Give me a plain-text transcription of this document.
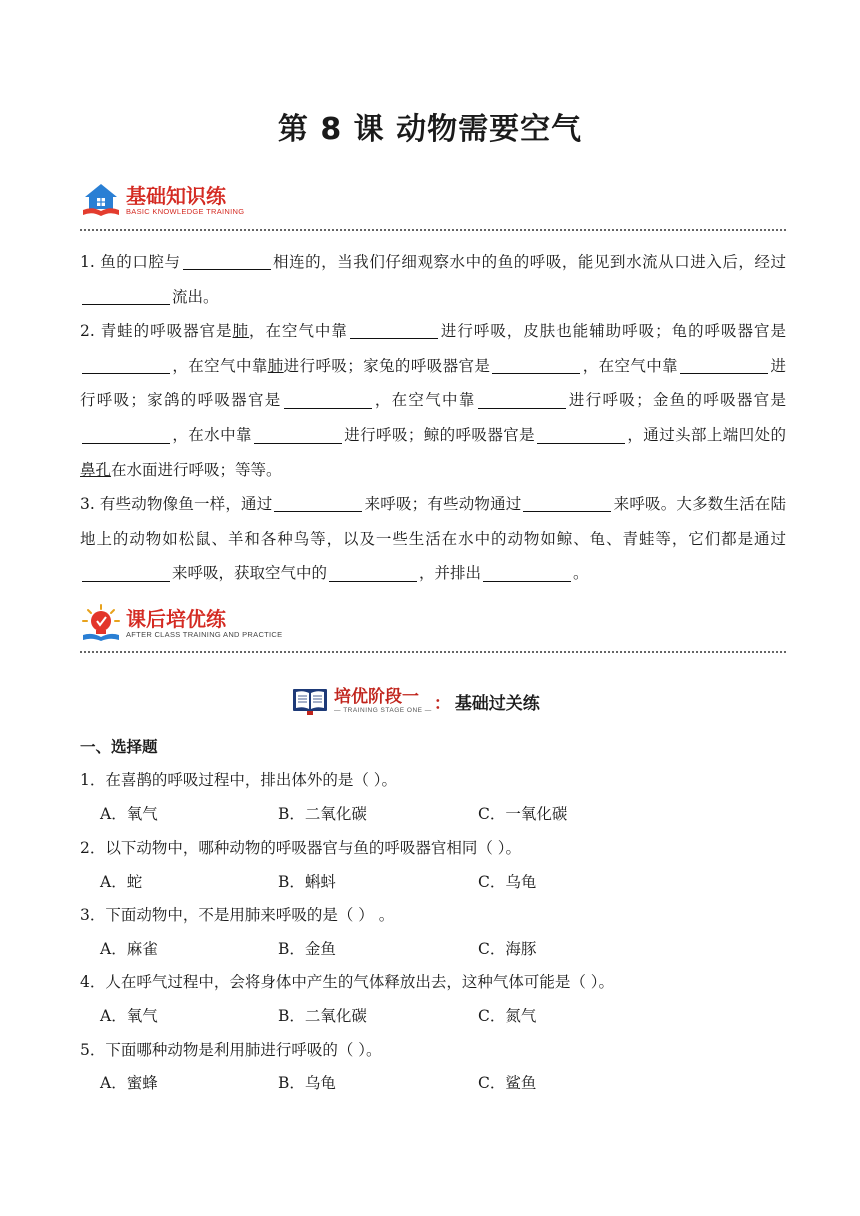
第 8 课 动物需要空气
基础知识练
BASIC KNOWLEDGE TRAINING
1. 鱼的口腔与	相连的，当我们仔细观察水中的鱼的呼吸，能见到水流从口进入后，经过流出。
2. 青蛙的呼吸器官是肺，在空气中靠	进行呼吸，皮肤也能辅助呼吸；龟的呼吸器官是，在空气中靠肺进行呼吸；家兔的呼吸器官是	，在空气中靠	进行呼吸；家鸽的呼吸器官是	，在空气中靠	进行呼吸；金鱼的呼吸器官是，在水中靠	进行呼吸；鲸的呼吸器官是	，通过头部上端凹处的鼻孔在水面进行呼吸；等等。
3. 有些动物像鱼一样，通过	来呼吸；有些动物通过	来呼吸。大多数生活在陆地上的动物如松鼠、羊和各种鸟等，以及一些生活在水中的动物如鲸、龟、青蛙等，它们都是通过来呼吸，获取空气中的	，并排出	。
课后培优练
AFTER CLASS TRAINING AND PRACTICE
培优阶段一
— TRAINING STAGE ONE — ： 基础过关练
一、选择题
1．在喜鹊的呼吸过程中，排出体外的是（ ）。
A．氧气	B．二氧化碳	C．一氧化碳
2．以下动物中，哪种动物的呼吸器官与鱼的呼吸器官相同（ ）。
A．蛇	B．蝌蚪	C．乌龟
3．下面动物中，不是用肺来呼吸的是（ ） 。
A．麻雀	B．金鱼	C．海豚
4．人在呼气过程中，会将身体中产生的气体释放出去，这种气体可能是（ ）。
A．氧气	B．二氧化碳	C．氮气
5．下面哪种动物是利用肺进行呼吸的（ ）。
A．蜜蜂	B．乌龟	C．鲨鱼
